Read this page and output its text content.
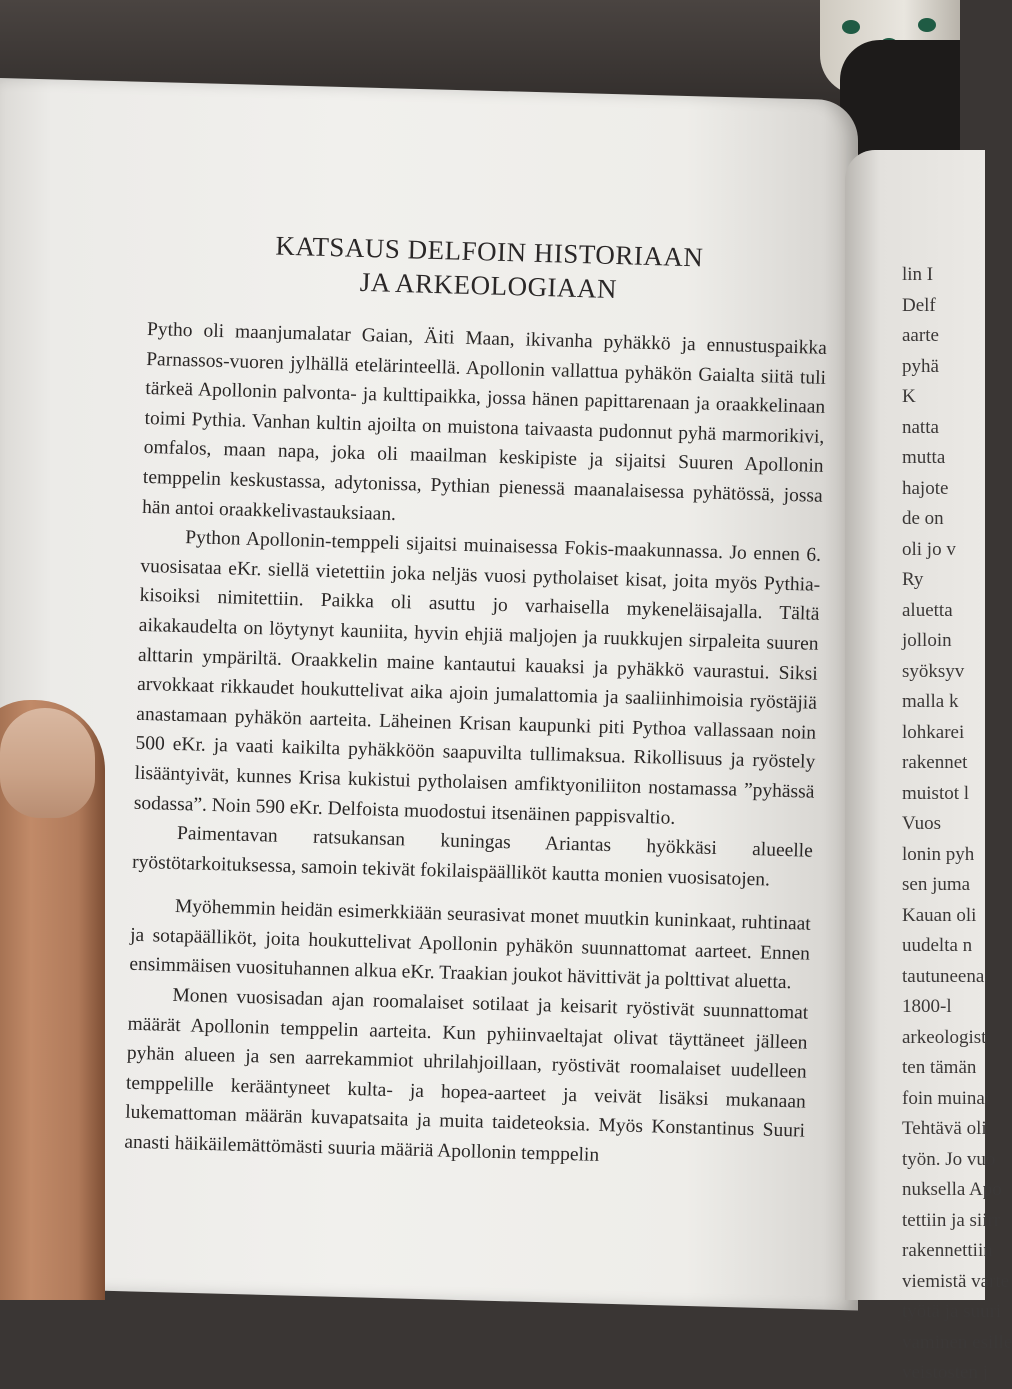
KATSAUS DELFOIN HISTORIAAN
JA ARKEOLOGIAAN

Pytho oli maanjumalatar Gaian, Äiti Maan, ikivanha pyhäkkö ja ennustuspaikka Parnassos-vuoren jylhällä etelärinteellä. Apollonin vallattua pyhäkön Gaialta siitä tuli tärkeä Apollonin palvonta- ja kulttipaikka, jossa hänen papittarenaan ja oraakkelinaan toimi Pythia. Vanhan kultin ajoilta on muistona taivaasta pudonnut pyhä marmorikivi, omfalos, maan napa, joka oli maailman keskipiste ja sijaitsi Suuren Apollonin temppelin keskustassa, adytonissa, Pythian pienessä maanalaisessa pyhätössä, jossa hän antoi oraakkelivastauksiaan.

Python Apollonin-temppeli sijaitsi muinaisessa Fokis-maakunnassa. Jo ennen 6. vuosisataa eKr. siellä vietettiin joka neljäs vuosi pytholaiset kisat, joita myös Pythia-kisoiksi nimitettiin. Paikka oli asuttu jo varhaisella mykeneläisajalla. Tältä aikakaudelta on löytynyt kauniita, hyvin ehjiä maljojen ja ruukkujen sirpaleita suuren alttarin ympäriltä. Oraakkelin maine kantautui kauaksi ja pyhäkkö vaurastui. Siksi arvokkaat rikkaudet houkuttelivat aika ajoin jumalattomia ja saaliinhimoisia ryöstäjiä anastamaan pyhäkön aarteita. Läheinen Krisan kaupunki piti Pythoa vallassaan noin 500 eKr. ja vaati kaikilta pyhäkköön saapuvilta tullimaksua. Rikollisuus ja ryöstely lisääntyivät, kunnes Krisa kukistui pytholaisen amfiktyoniliiton nostamassa ”pyhässä sodassa”. Noin 590 eKr. Delfoista muodostui itsenäinen pappisvaltio.

Paimentavan ratsukansan kuningas Ariantas hyökkäsi alueelle ryöstötarkoituksessa, samoin tekivät fokilaispäälliköt kautta monien vuosisatojen.

Myöhemmin heidän esimerkkiään seurasivat monet muutkin kuninkaat, ruhtinaat ja sotapäälliköt, joita houkuttelivat Apollonin pyhäkön suunnattomat aarteet. Ennen ensimmäisen vuosituhannen alkua eKr. Traakian joukot hävittivät ja polttivat aluetta.

Monen vuosisadan ajan roomalaiset sotilaat ja keisarit ryöstivät suunnattomat määrät Apollonin temppelin aarteita. Kun pyhiinvaeltajat olivat täyttäneet jälleen pyhän alueen ja sen aarrekammiot uhrilahjoillaan, ryöstivät roomalaiset uudelleen temppelille kerääntyneet kulta- ja hopea-aarteet ja veivät lisäksi mukanaan lukemattoman määrän kuvapatsaita ja muita taideteoksia. Myös Konstantinus Suuri anasti häikäilemättömästi suuria määriä Apollonin temppelin

lin I
Delf
aarte
pyhä
K
natta
mutta
hajote
de on
oli jo v
Ry
aluetta
jolloin
syöksyv
malla k
lohkarei
rakennet
muistot l
Vuos
lonin pyh
sen juma
Kauan oli
uudelta n
tautuneena
1800-l
arkeologist
ten tämän
foin muinai
Tehtävä oli
työn. Jo vuo
nuksella Apo
tettiin ja siirr
rakennettiin
viemistä varte
työtä ja suuri
vaminen esille
veistosten j
